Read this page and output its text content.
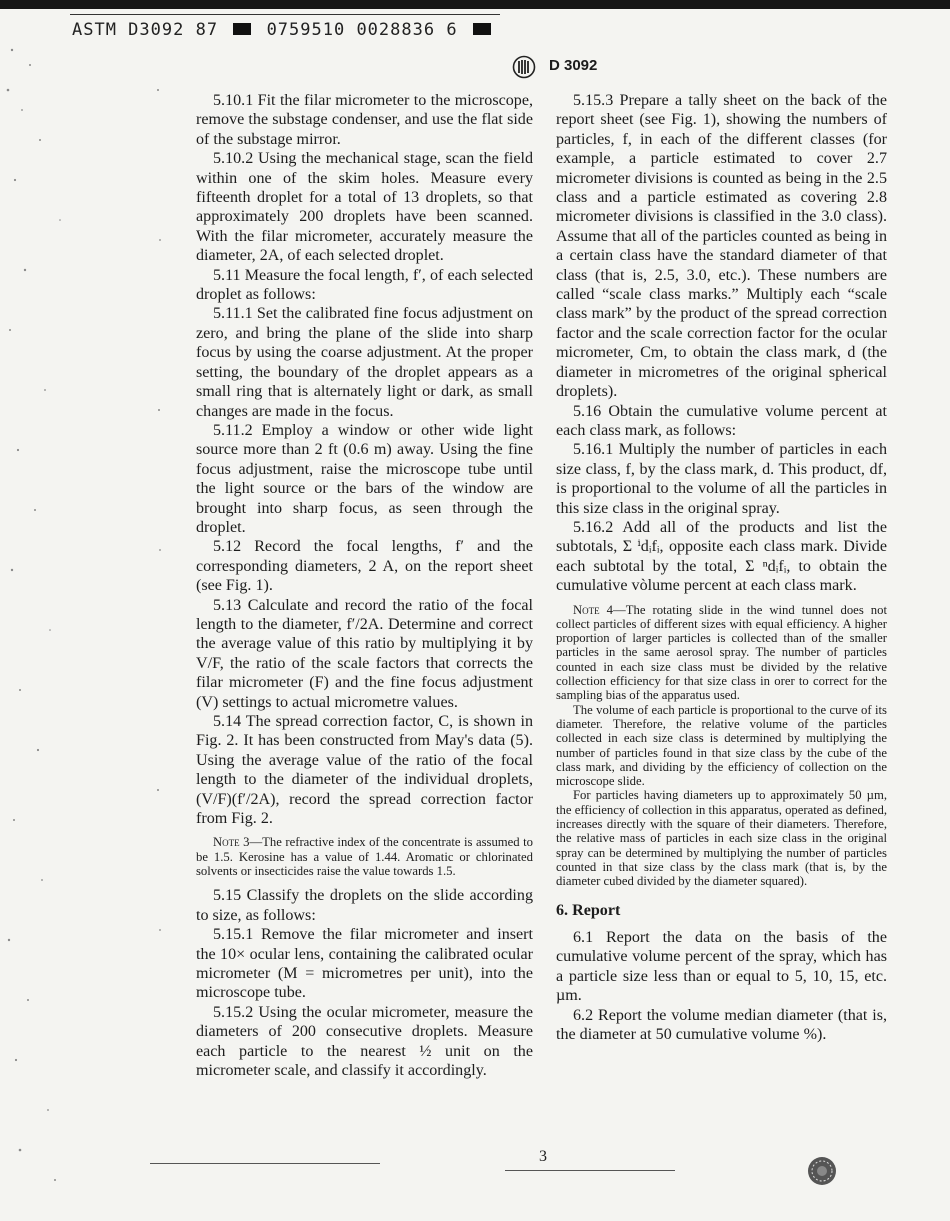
ASTM D3092 87	0759510 0028836 6
D 3092

5.10.1 Fit the filar micrometer to the microscope, remove the substage condenser, and use the flat side of the substage mirror.

5.10.2 Using the mechanical stage, scan the field within one of the skim holes. Measure every fifteenth droplet for a total of 13 droplets, so that approximately 200 droplets have been scanned. With the filar micrometer, accurately measure the diameter, 2A, of each selected droplet.

5.11 Measure the focal length, f′, of each selected droplet as follows:

5.11.1 Set the calibrated fine focus adjustment on zero, and bring the plane of the slide into sharp focus by using the coarse adjustment. At the proper setting, the boundary of the droplet appears as a small ring that is alternately light or dark, as small changes are made in the focus.

5.11.2 Employ a window or other wide light source more than 2 ft (0.6 m) away. Using the fine focus adjustment, raise the microscope tube until the light source or the bars of the window are brought into sharp focus, as seen through the droplet.

5.12 Record the focal lengths, f′ and the corresponding diameters, 2 A, on the report sheet (see Fig. 1).

5.13 Calculate and record the ratio of the focal length to the diameter, f′/2A. Determine and correct the average value of this ratio by multiplying it by V/F, the ratio of the scale factors that corrects the filar micrometer (F) and the fine focus adjustment (V) settings to actual micrometre values.

5.14 The spread correction factor, C, is shown in Fig. 2. It has been constructed from May's data (5). Using the average value of the ratio of the focal length to the diameter of the individual droplets, (V/F)(f′/2A), record the spread correction factor from Fig. 2.

Note 3—The refractive index of the concentrate is assumed to be 1.5. Kerosine has a value of 1.44. Aromatic or chlorinated solvents or insecticides raise the value towards 1.5.

5.15 Classify the droplets on the slide according to size, as follows:

5.15.1 Remove the filar micrometer and insert the 10× ocular lens, containing the calibrated ocular micrometer (M = micrometres per unit), into the microscope tube.

5.15.2 Using the ocular micrometer, measure the diameters of 200 consecutive droplets. Measure each particle to the nearest ½ unit on the micrometer scale, and classify it accordingly.

5.15.3 Prepare a tally sheet on the back of the report sheet (see Fig. 1), showing the numbers of particles, f, in each of the different classes (for example, a particle estimated to cover 2.7 micrometer divisions is counted as being in the 2.5 class and a particle estimated as covering 2.8 micrometer divisions is classified in the 3.0 class). Assume that all of the particles counted as being in a certain class have the standard diameter of that class (that is, 2.5, 3.0, etc.). These numbers are called “scale class marks.” Multiply each “scale class mark” by the product of the spread correction factor and the scale correction factor for the ocular micrometer, Cm, to obtain the class mark, d (the diameter in micrometres of the original spherical droplets).

5.16 Obtain the cumulative volume percent at each class mark, as follows:

5.16.1 Multiply the number of particles in each size class, f, by the class mark, d. This product, df, is proportional to the volume of all the particles in this size class in the original spray.

5.16.2 Add all of the products and list the subtotals, Σ ⁱdᵢfᵢ, opposite each class mark. Divide each subtotal by the total, Σ ⁿdᵢfᵢ, to obtain the cumulative vòlume percent at each class mark.

Note 4—The rotating slide in the wind tunnel does not collect particles of different sizes with equal efficiency. A higher proportion of larger particles is collected than of the smaller particles in the same aerosol spray. The number of particles counted in each size class must be divided by the relative collection efficiency for that size class in orer to correct for the sampling bias of the apparatus used.

The volume of each particle is proportional to the curve of its diameter. Therefore, the relative volume of the particles collected in each size class is determined by multiplying the number of particles found in that size class by the cube of the class mark, and dividing by the efficiency of collection on the microscope slide.

For particles having diameters up to approximately 50 µm, the efficiency of collection in this apparatus, operated as defined, increases directly with the square of their diameters. Therefore, the relative mass of particles in each size class in the original spray can be determined by multiplying the number of particles counted in that size class by the class mark (that is, by the diameter cubed divided by the diameter squared).

6. Report

6.1 Report the data on the basis of the cumulative volume percent of the spray, which has a particle size less than or equal to 5, 10, 15, etc. µm.

6.2 Report the volume median diameter (that is, the diameter at 50 cumulative volume %).

3
